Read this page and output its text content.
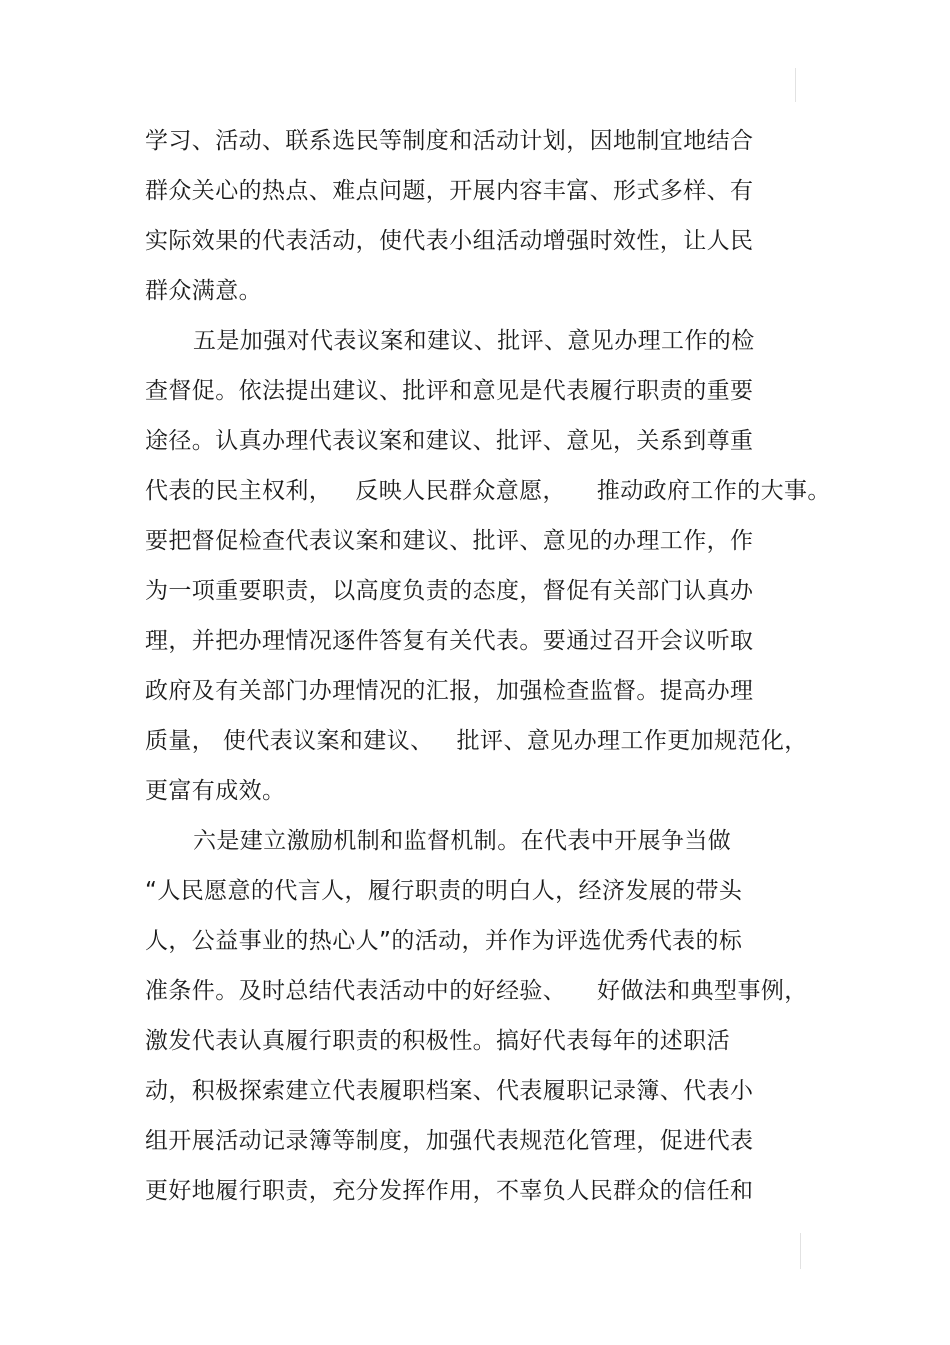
学习、活动、联系选民等制度和活动计划，因地制宜地结合
群众关心的热点、难点问题，开展内容丰富、形式多样、有
实际效果的代表活动，使代表小组活动增强时效性，让人民
群众满意。
五是加强对代表议案和建议、批评、意见办理工作的检
查督促。依法提出建议、批评和意见是代表履行职责的重要
途径。认真办理代表议案和建议、批评、意见，关系到尊重
代表的民主权利，   反映人民群众意愿，    推动政府工作的大事。
要把督促检查代表议案和建议、批评、意见的办理工作，作
为一项重要职责，以高度负责的态度，督促有关部门认真办
理，并把办理情况逐件答复有关代表。要通过召开会议听取
政府及有关部门办理情况的汇报，加强检查监督。提高办理
质量， 使代表议案和建议、   批评、意见办理工作更加规范化，
更富有成效。
六是建立激励机制和监督机制。在代表中开展争当做
“人民愿意的代言人，履行职责的明白人，经济发展的带头
人，公益事业的热心人”的活动，并作为评选优秀代表的标
准条件。及时总结代表活动中的好经验、    好做法和典型事例，
激发代表认真履行职责的积极性。搞好代表每年的述职活
动，积极探索建立代表履职档案、代表履职记录簿、代表小
组开展活动记录簿等制度，加强代表规范化管理，促进代表
更好地履行职责，充分发挥作用，不辜负人民群众的信任和
